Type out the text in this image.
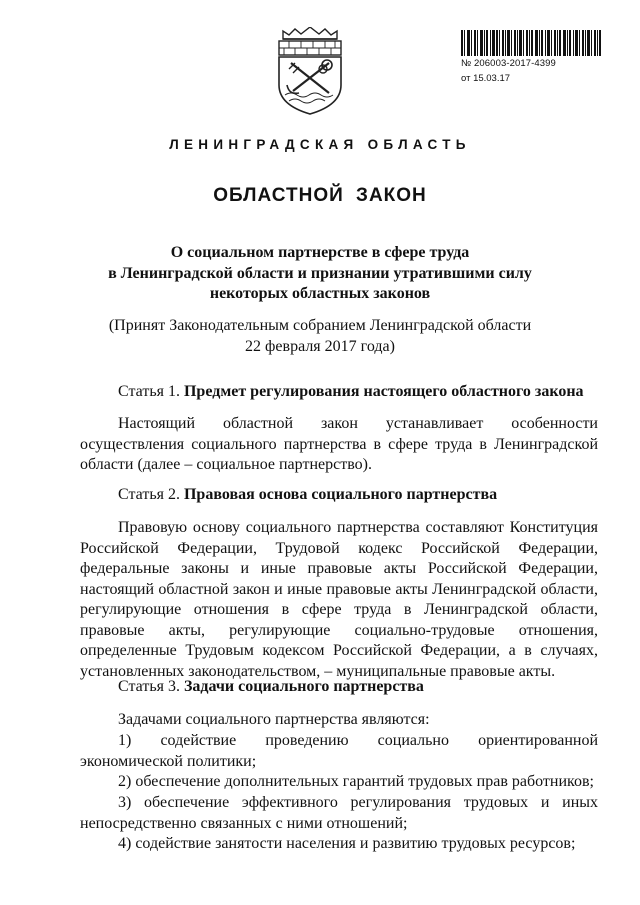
№ 206003-2017-4399
от 15.03.17
ЛЕНИНГРАДСКАЯ ОБЛАСТЬ
ОБЛАСТНОЙ ЗАКОН
О социальном партнерстве в сфере труда
в Ленинградской области и признании утратившими силу
некоторых областных законов
(Принят Законодательным собранием Ленинградской области
22 февраля 2017 года)
Статья 1. Предмет регулирования настоящего областного закона
Настоящий областной закон устанавливает особенности осуществления социального партнерства в сфере труда в Ленинградской области (далее – социальное партнерство).
Статья 2. Правовая основа социального партнерства
Правовую основу социального партнерства составляют Конституция Российской Федерации, Трудовой кодекс Российской Федерации, федеральные законы и иные правовые акты Российской Федерации, настоящий областной закон и иные правовые акты Ленинградской области, регулирующие отношения в сфере труда в Ленинградской области, правовые акты, регулирующие социально-трудовые отношения, определенные Трудовым кодексом Российской Федерации, а в случаях, установленных законодательством, – муниципальные правовые акты.
Статья 3. Задачи социального партнерства
Задачами социального партнерства являются:
1) содействие проведению социально ориентированной экономической политики;
2) обеспечение дополнительных гарантий трудовых прав работников;
3) обеспечение эффективного регулирования трудовых и иных непосредственно связанных с ними отношений;
4) содействие занятости населения и развитию трудовых ресурсов;
